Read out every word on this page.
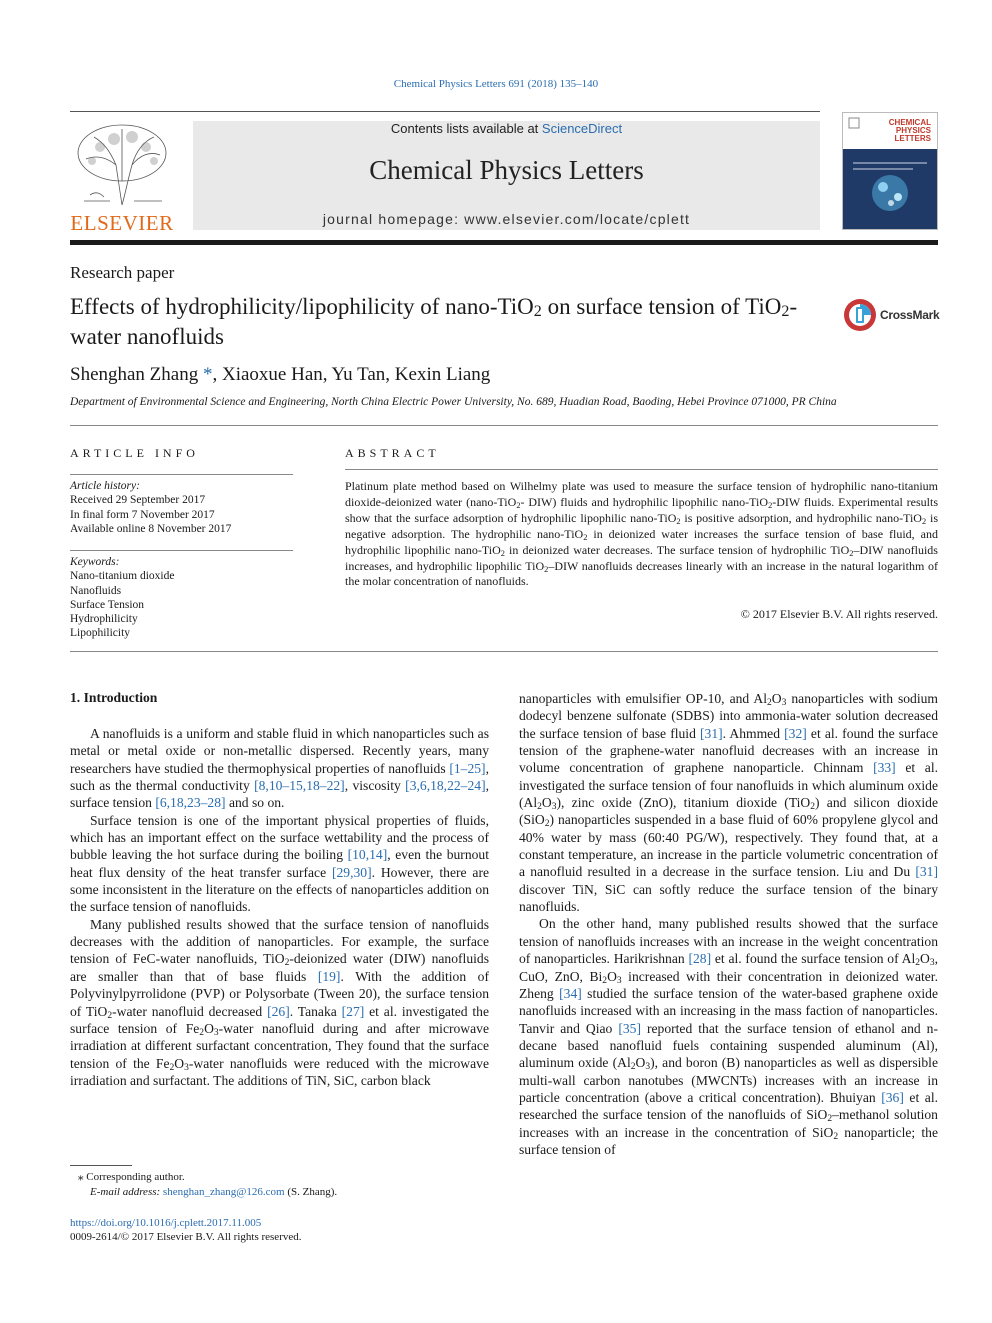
Chemical Physics Letters 691 (2018) 135–140
ELSEVIER
Contents lists available at ScienceDirect
Chemical Physics Letters
journal homepage: www.elsevier.com/locate/cplett
CHEMICAL
PHYSICS
LETTERS
Research paper
Effects of hydrophilicity/lipophilicity of nano-TiO$_2$ on surface tension of TiO$_2$-water nanofluids
CrossMark
Shenghan Zhang *, Xiaoxue Han, Yu Tan, Kexin Liang
Department of Environmental Science and Engineering, North China Electric Power University, No. 689, Huadian Road, Baoding, Hebei Province 071000, PR China
ARTICLE INFO
Article history:
Received 29 September 2017
In final form 7 November 2017
Available online 8 November 2017
Keywords:
Nano-titanium dioxide
Nanofluids
Surface Tension
Hydrophilicity
Lipophilicity
ABSTRACT
Platinum plate method based on Wilhelmy plate was used to measure the surface tension of hydrophilic nano-titanium dioxide-deionized water (nano-TiO$_2$- DIW) fluids and hydrophilic lipophilic nano-TiO$_2$-DIW fluids. Experimental results show that the surface adsorption of hydrophilic lipophilic nano-TiO$_2$ is positive adsorption, and hydrophilic nano-TiO$_2$ is negative adsorption. The hydrophilic nano-TiO$_2$ in deionized water increases the surface tension of base fluid, and hydrophilic lipophilic nano-TiO$_2$ in deionized water decreases. The surface tension of hydrophilic TiO$_2$–DIW nanofluids increases, and hydrophilic lipophilic TiO$_2$–DIW nanofluids decreases linearly with an increase in the natural logarithm of the molar concentration of nanofluids.
© 2017 Elsevier B.V. All rights reserved.
1. Introduction

A nanofluids is a uniform and stable fluid in which nanoparticles such as metal or metal oxide or non-metallic dispersed. Recently years, many researchers have studied the thermophysical properties of nanofluids [1–25], such as the thermal conductivity [8,10–15,18–22], viscosity [3,6,18,22–24], surface tension [6,18,23–28] and so on.

Surface tension is one of the important physical properties of fluids, which has an important effect on the surface wettability and the process of bubble leaving the hot surface during the boiling [10,14], even the burnout heat flux density of the heat transfer surface [29,30]. However, there are some inconsistent in the literature on the effects of nanoparticles addition on the surface tension of nanofluids.

Many published results showed that the surface tension of nanofluids decreases with the addition of nanoparticles. For example, the surface tension of FeC-water nanofluids, TiO$_2$-deionized water (DIW) nanofluids are smaller than that of base fluids [19]. With the addition of Polyvinylpyrrolidone (PVP) or Polysorbate (Tween 20), the surface tension of TiO$_2$-water nanofluid decreased [26]. Tanaka [27] et al. investigated the surface tension of $Fe_2O_3$-water nanofluid during and after microwave irradiation at different surfactant concentration, They found that the surface tension of the $Fe_2O_3$-water nanofluids were reduced with the microwave irradiation and surfactant. The additions of TiN, SiC, carbon black

nanoparticles with emulsifier OP-10, and $Al_2O_3$ nanoparticles with sodium dodecyl benzene sulfonate (SDBS) into ammonia-water solution decreased the surface tension of base fluid [31]. Ahmmed [32] et al. found the surface tension of the graphene-water nanofluid decreases with an increase in volume concentration of graphene nanoparticle. Chinnam [33] et al. investigated the surface tension of four nanofluids in which aluminum oxide $(Al_2O_3)$, zinc oxide (ZnO), titanium dioxide (TiO$_2$) and silicon dioxide (SiO$_2$) nanoparticles suspended in a base fluid of 60% propylene glycol and 40% water by mass (60:40 PG/W), respectively. They found that, at a constant temperature, an increase in the particle volumetric concentration of a nanofluid resulted in a decrease in the surface tension. Liu and Du [31] discover TiN, SiC can softly reduce the surface tension of the binary nanofluids.

On the other hand, many published results showed that the surface tension of nanofluids increases with an increase in the weight concentration of nanoparticles. Harikrishnan [28] et al. found the surface tension of $Al_2O_3$, CuO, ZnO, $Bi_2O_3$ increased with their concentration in deionized water. Zheng [34] studied the surface tension of the water-based graphene oxide nanofluids increased with an increasing in the mass faction of nanoparticles. Tanvir and Qiao [35] reported that the surface tension of ethanol and n-decane based nanofluid fuels containing suspended aluminum (Al), aluminum oxide $(Al_2O_3)$, and boron (B) nanoparticles as well as dispersible multi-wall carbon nanotubes (MWCNTs) increases with an increase in particle concentration (above a critical concentration). Bhuiyan [36] et al. researched the surface tension of the nanofluids of SiO$_2$–methanol solution increases with an increase in the concentration of SiO$_2$ nanoparticle; the surface tension of

⁎ Corresponding author.
E-mail address: shenghan_zhang@126.com (S. Zhang).
https://doi.org/10.1016/j.cplett.2017.11.005
0009-2614/© 2017 Elsevier B.V. All rights reserved.
